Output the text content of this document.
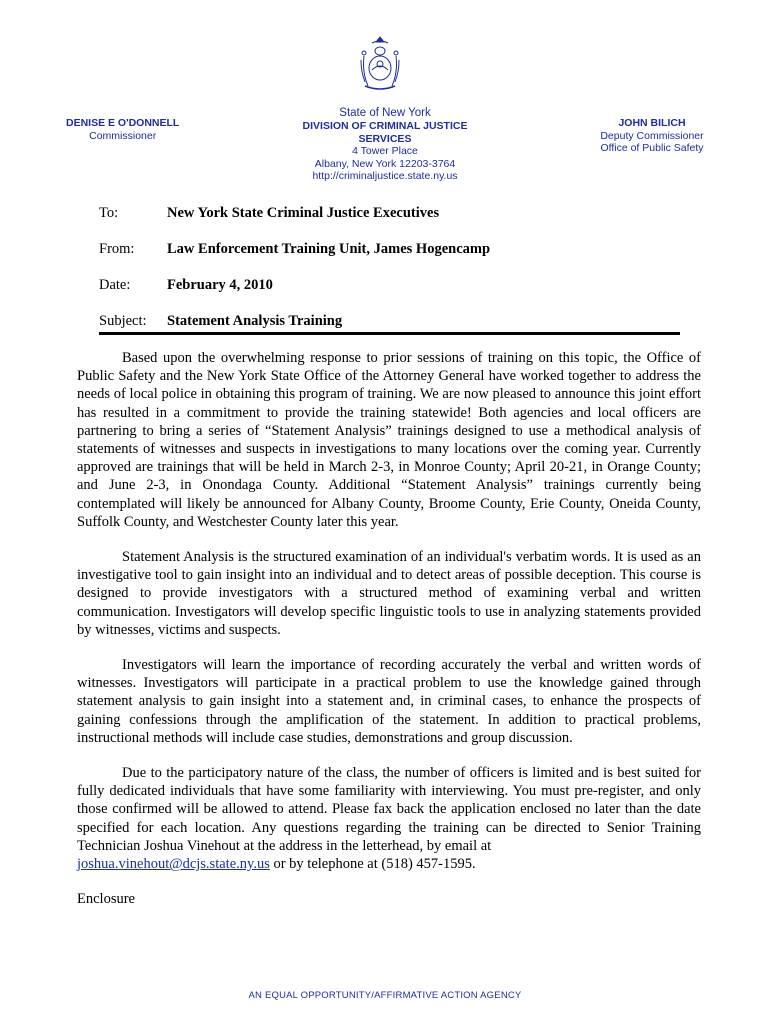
DENISE E O'DONNELL
Commissioner
State of New York
DIVISION OF CRIMINAL JUSTICE SERVICES
4 Tower Place
Albany, New York 12203-3764
http://criminaljustice.state.ny.us
JOHN BILICH
Deputy Commissioner
Office of Public Safety
To:	New York State Criminal Justice Executives
From:	Law Enforcement Training Unit, James Hogencamp
Date:	February 4, 2010
Subject:	Statement Analysis Training

Based upon the overwhelming response to prior sessions of training on this topic, the Office of Public Safety and the New York State Office of the Attorney General have worked together to address the needs of local police in obtaining this program of training. We are now pleased to announce this joint effort has resulted in a commitment to provide the training statewide! Both agencies and local officers are partnering to bring a series of “Statement Analysis” trainings designed to use a methodical analysis of statements of witnesses and suspects in investigations to many locations over the coming year. Currently approved are trainings that will be held in March 2-3, in Monroe County; April 20-21, in Orange County; and June 2-3, in Onondaga County. Additional “Statement Analysis” trainings currently being contemplated will likely be announced for Albany County, Broome County, Erie County, Oneida County, Suffolk County, and Westchester County later this year.

Statement Analysis is the structured examination of an individual's verbatim words. It is used as an investigative tool to gain insight into an individual and to detect areas of possible deception. This course is designed to provide investigators with a structured method of examining verbal and written communication. Investigators will develop specific linguistic tools to use in analyzing statements provided by witnesses, victims and suspects.

Investigators will learn the importance of recording accurately the verbal and written words of witnesses. Investigators will participate in a practical problem to use the knowledge gained through statement analysis to gain insight into a statement and, in criminal cases, to enhance the prospects of gaining confessions through the amplification of the statement. In addition to practical problems, instructional methods will include case studies, demonstrations and group discussion.

Due to the participatory nature of the class, the number of officers is limited and is best suited for fully dedicated individuals that have some familiarity with interviewing. You must pre-register, and only those confirmed will be allowed to attend. Please fax back the application enclosed no later than the date specified for each location. Any questions regarding the training can be directed to Senior Training Technician Joshua Vinehout at the address in the letterhead, by email at
joshua.vinehout@dcjs.state.ny.us or by telephone at (518) 457-1595.

Enclosure

AN EQUAL OPPORTUNITY/AFFIRMATIVE ACTION AGENCY
